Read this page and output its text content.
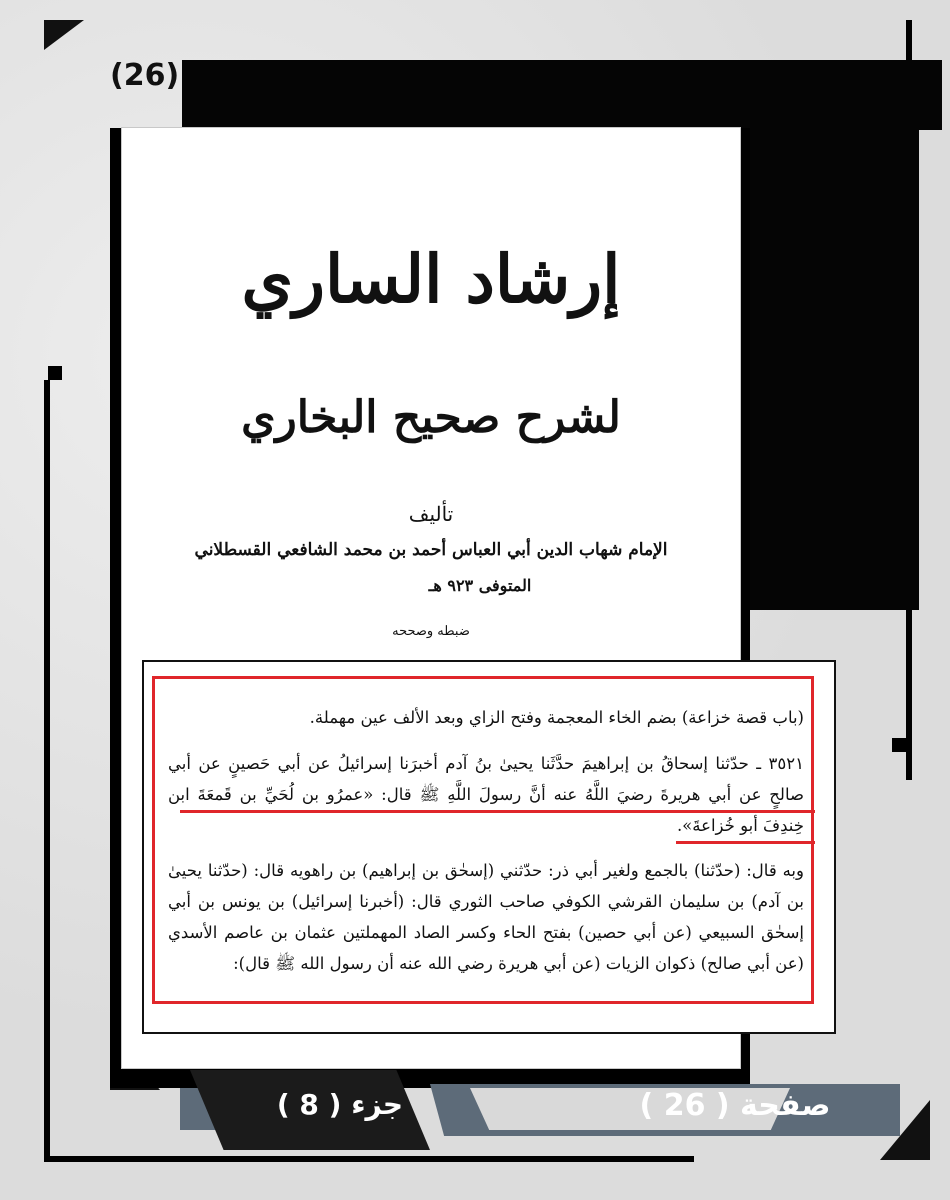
(26)
إرشاد الساري
لشرح صحيح البخاري
تأليف
الإمام شهاب الدين أبي العباس أحمد بن محمد الشافعي القسطلاني
المتوفى ٩٢٣ هـ
ضبطه وصححه
(باب قصة خزاعة) بضم الخاء المعجمة وفتح الزاي وبعد الألف عين مهملة.
٣٥٢١ ـ حدّثنا إسحاقُ بن إبراهيمَ حدَّثَنا يحيىٰ بنُ آدم أخبرَنا إسرائيلُ عن أبي حَصينٍ عن أبي صالحٍ عن أبي هريرةَ رضيَ اللَّهُ عنه أنَّ رسولَ اللَّهِ ﷺ قال: «عمرُو بن لُحَيِّ بن قَمعَةَ ابن خِندِفَ أبو خُزاعةَ».
وبه قال: (حدّثنا) بالجمع ولغير أبي ذر: حدّثني (إسحٰق بن إبراهيم) بن راهويه قال: (حدّثنا يحيىٰ بن آدم) بن سليمان القرشي الكوفي صاحب الثوري قال: (أخبرنا إسرائيل) بن يونس بن أبي إسحٰق السبيعي (عن أبي حصين) بفتح الحاء وكسر الصاد المهملتين عثمان بن عاصم الأسدي (عن أبي صالح) ذكوان الزيات (عن أبي هريرة رضي الله عنه أن رسول الله ﷺ قال):
جزء ( 8 )	صفحة ( 26 )
